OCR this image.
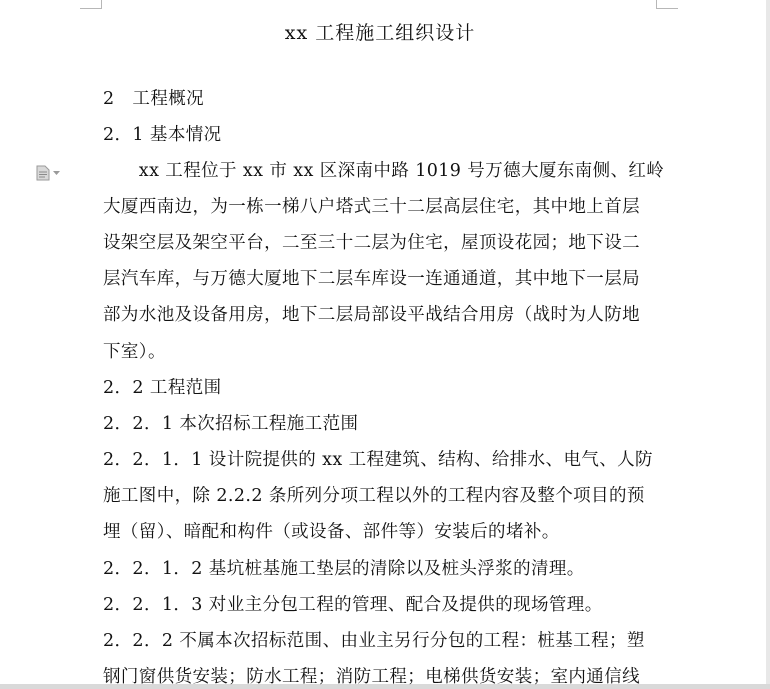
xx 工程施工组织设计
2　工程概况
2．1 基本情况
　　xx 工程位于 xx 市 xx 区深南中路 1019 号万德大厦东南侧、红岭
大厦西南边，为一栋一梯八户塔式三十二层高层住宅，其中地上首层
设架空层及架空平台，二至三十二层为住宅，屋顶设花园；地下设二
层汽车库，与万德大厦地下二层车库设一连通通道，其中地下一层局
部为水池及设备用房，地下二层局部设平战结合用房（战时为人防地
下室）。
2．2 工程范围
2．2．1 本次招标工程施工范围
2．2．1．1 设计院提供的 xx 工程建筑、结构、给排水、电气、人防
施工图中，除 2.2.2 条所列分项工程以外的工程内容及整个项目的预
埋（留）、暗配和构件（或设备、部件等）安装后的堵补。
2．2．1．2 基坑桩基施工垫层的清除以及桩头浮浆的清理。
2．2．1．3 对业主分包工程的管理、配合及提供的现场管理。
2．2．2 不属本次招标范围、由业主另行分包的工程：桩基工程；塑
钢门窗供货安装；防水工程；消防工程；电梯供货安装；室内通信线
